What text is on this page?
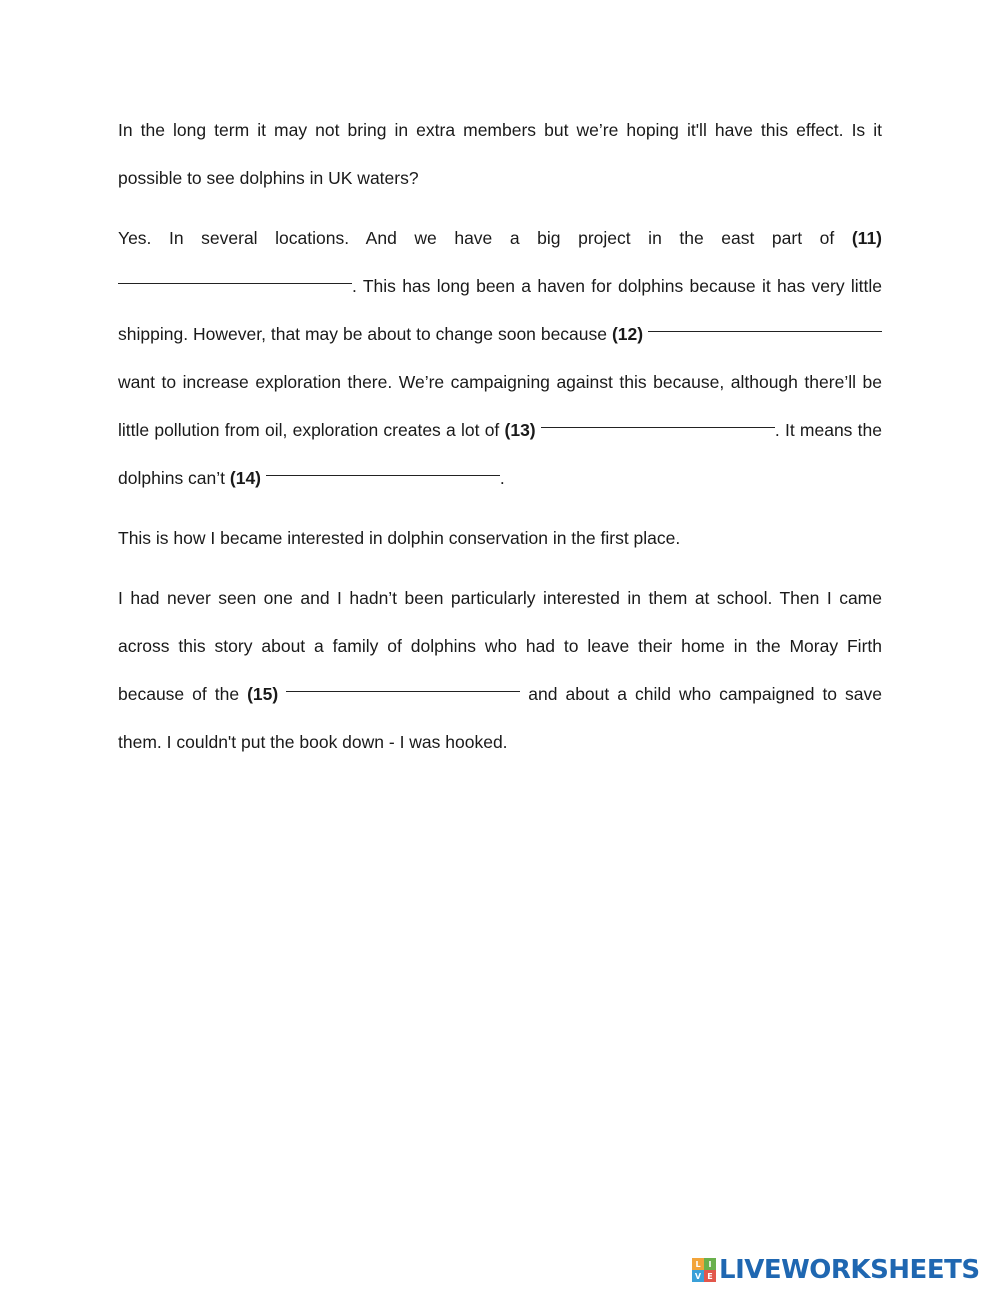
In the long term it may not bring in extra members but we’re hoping it'll have this effect. Is it possible to see dolphins in UK waters?

Yes. In several locations. And we have a big project in the east part of (11) . This has long been a haven for dolphins because it has very little shipping. However, that may be about to change soon because (12)  want to increase exploration there. We’re campaigning against this because, although there’ll be little pollution from oil, exploration creates a lot of (13)	. It means the dolphins can’t (14)	.

This is how I became interested in dolphin conservation in the first place.

I had never seen one and I hadn’t been particularly interested in them at school. Then I came across this story about a family of dolphins who had to leave their home in the Moray Firth because of the (15)	and about a child who campaigned to save them. I couldn't put the book down - I was hooked.

L I
V E LIVEWORKSHEETS
